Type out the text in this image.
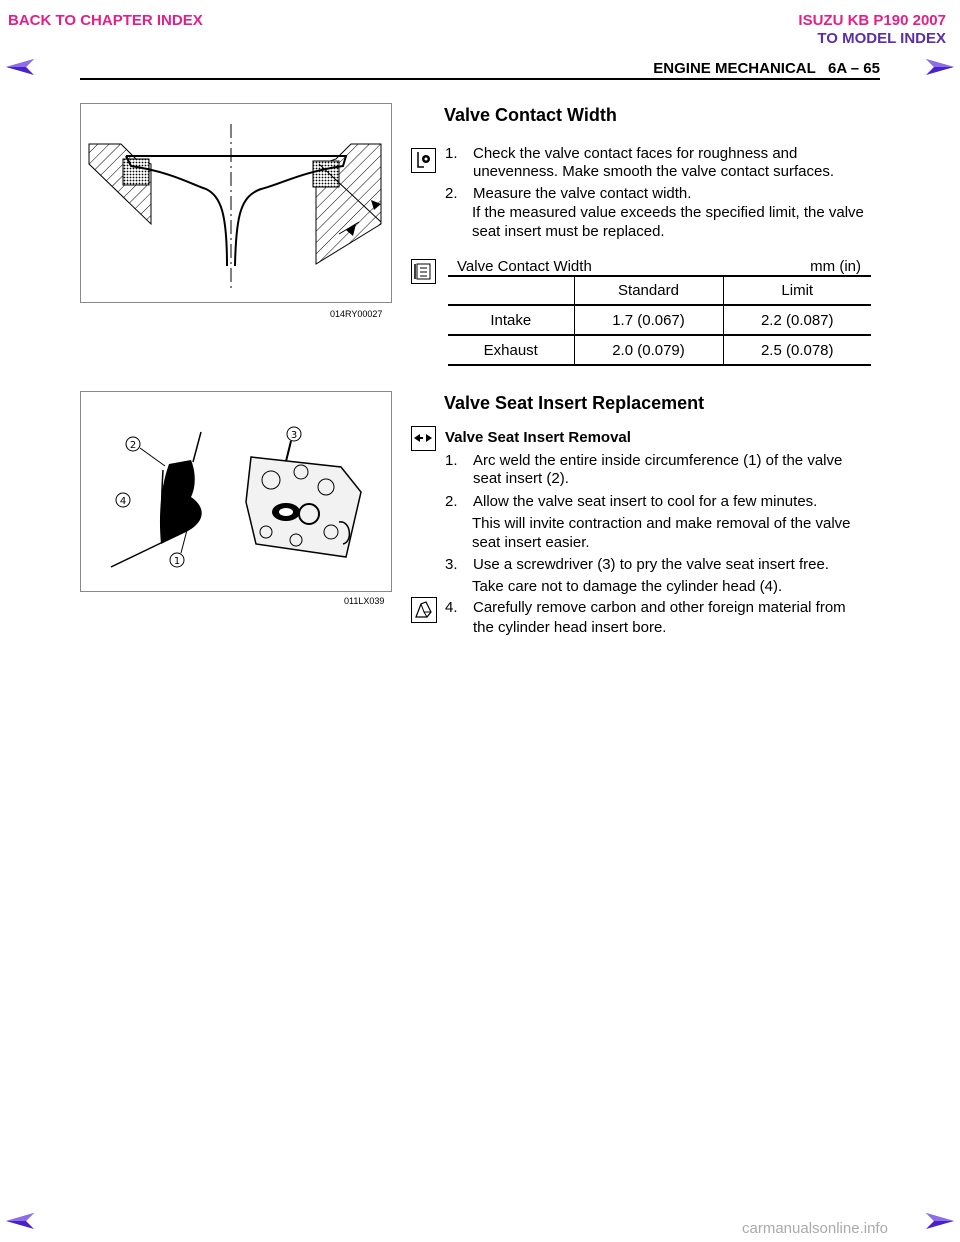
BACK TO CHAPTER INDEX	ISUZU KB P190 2007
TO MODEL INDEX
ENGINE MECHANICAL   6A – 65
014RY00027
Valve Contact Width
1. Check the valve contact faces for roughness and
unevenness. Make smooth the valve contact surfaces.
2. Measure the valve contact width.
If the measured value exceeds the specified limit, the valve
seat insert must be replaced.
Valve Contact Width	mm (in)
	Standard	Limit
Intake	1.7 (0.067)	2.2 (0.087)
Exhaust	2.0 (0.079)	2.5 (0.078)
2
4
1
3
011LX039
Valve Seat Insert Replacement
Valve Seat Insert Removal
1. Arc weld the entire inside circumference (1) of the valve
seat insert (2).
2. Allow the valve seat insert to cool for a few minutes.
This will invite contraction and make removal of the valve
seat insert easier.
3. Use a screwdriver (3) to pry the valve seat insert free.
Take care not to damage the cylinder head (4).
4. Carefully remove carbon and other foreign material from
the cylinder head insert bore.
carmanualsonline.info
